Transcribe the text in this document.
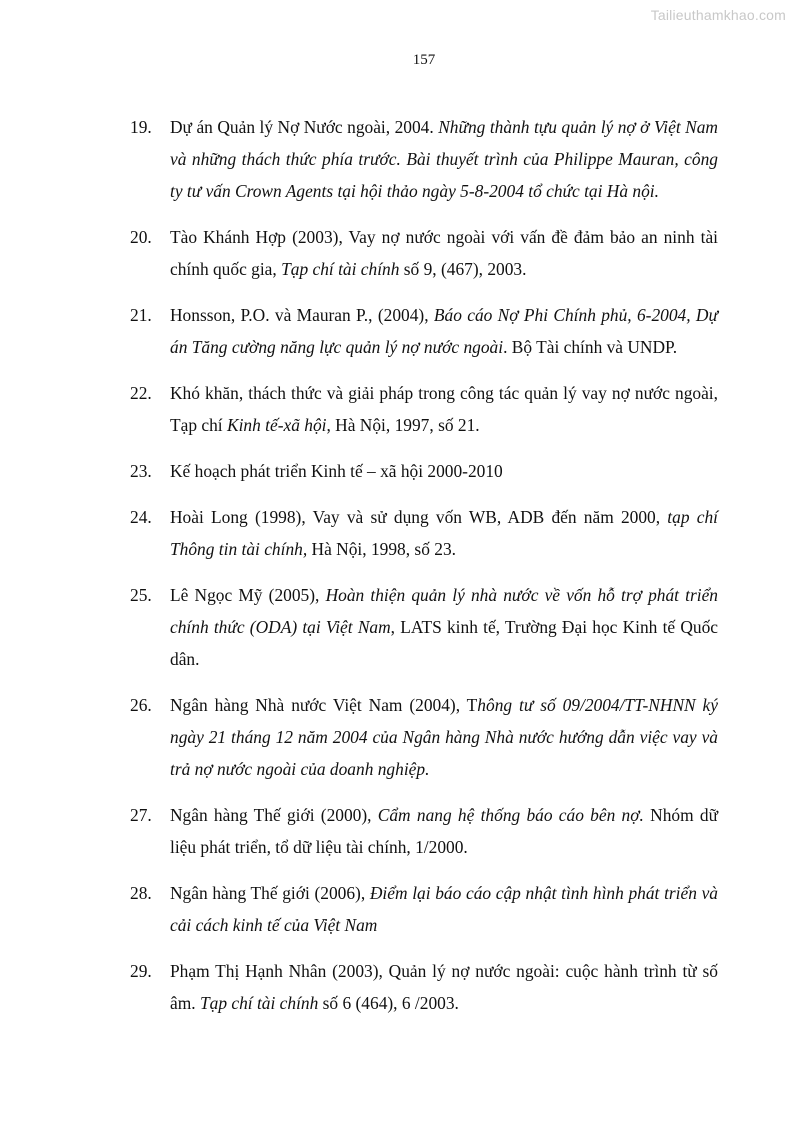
Tailieuthamkhao.com
157
19. Dự án Quản lý Nợ Nước ngoài, 2004. Những thành tựu quản lý nợ ở Việt Nam và những thách thức phía trước. Bài thuyết trình của Philippe Mauran, công ty tư vấn Crown Agents tại hội thảo ngày 5-8-2004 tổ chức tại Hà nội.
20. Tào Khánh Hợp (2003), Vay nợ nước ngoài với vấn đề đảm bảo an ninh tài chính quốc gia, Tạp chí tài chính số 9, (467), 2003.
21. Honsson, P.O. và Mauran P., (2004), Báo cáo Nợ Phi Chính phủ, 6-2004, Dự án Tăng cường năng lực quản lý nợ nước ngoài. Bộ Tài chính và UNDP.
22. Khó khăn, thách thức và giải pháp trong công tác quản lý vay nợ nước ngoài, Tạp chí Kinh tế-xã hội, Hà Nội, 1997, số 21.
23. Kế hoạch phát triển Kinh tế – xã hội 2000-2010
24. Hoài Long (1998), Vay và sử dụng vốn WB, ADB đến năm 2000, tạp chí Thông tin tài chính, Hà Nội, 1998, số 23.
25. Lê Ngọc Mỹ (2005), Hoàn thiện quản lý nhà nước về vốn hỗ trợ phát triển chính thức (ODA) tại Việt Nam, LATS kinh tế, Trường Đại học Kinh tế Quốc dân.
26. Ngân hàng Nhà nước Việt Nam (2004), Thông tư số 09/2004/TT-NHNN ký ngày 21 tháng 12 năm 2004 của Ngân hàng Nhà nước hướng dẫn việc vay và trả nợ nước ngoài của doanh nghiệp.
27. Ngân hàng Thế giới (2000), Cẩm nang hệ thống báo cáo bên nợ. Nhóm dữ liệu phát triển, tổ dữ liệu tài chính, 1/2000.
28. Ngân hàng Thế giới (2006), Điểm lại báo cáo cập nhật tình hình phát triển và cải cách kinh tế của Việt Nam
29. Phạm Thị Hạnh Nhân (2003), Quản lý nợ nước ngoài: cuộc hành trình từ số âm. Tạp chí tài chính số 6 (464), 6 /2003.
